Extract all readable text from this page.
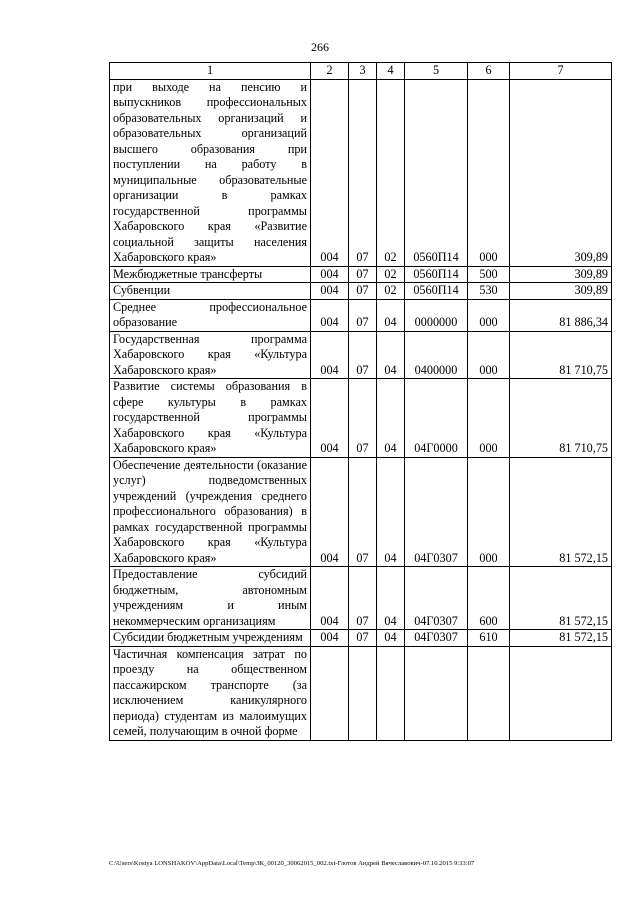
266
1	2	3	4	5	6	7
при выходе на пенсию и выпускников профессиональных образовательных организаций и образовательных организаций высшего образования при поступлении на работу в муниципальные образовательные организации в рамках государственной программы Хабаровского края «Развитие социальной защиты населения Хабаровского края»	004	07	02	0560П14	000	309,89
Межбюджетные трансферты	004	07	02	0560П14	500	309,89
Субвенции	004	07	02	0560П14	530	309,89
Среднее профессиональное образование	004	07	04	0000000	000	81 886,34
Государственная программа Хабаровского края «Культура Хабаровского края»	004	07	04	0400000	000	81 710,75
Развитие системы образования в сфере культуры в рамках государственной программы Хабаровского края «Культура Хабаровского края»	004	07	04	04Г0000	000	81 710,75
Обеспечение деятельности (оказание услуг) подведомственных учреждений (учреждения среднего профессионального образования) в рамках государственной программы Хабаровского края «Культура Хабаровского края»	004	07	04	04Г0307	000	81 572,15
Предоставление субсидий бюджетным, автономным учреждениям и иным некоммерческим организациям	004	07	04	04Г0307	600	81 572,15
Субсидии бюджетным учреждениям	004	07	04	04Г0307	610	81 572,15
Частичная компенсация затрат по проезду на общественном пассажирском транспорте (за исключением каникулярного периода) студентам из малоимущих семей, получающим в очной форме						
C:\Users\Kostya LONSHAKOV\AppData\Local\Temp\ЗК_00120_30062015_002.txt-Глотов Андрей Вячеславович-07.10.2015 9:33:07
